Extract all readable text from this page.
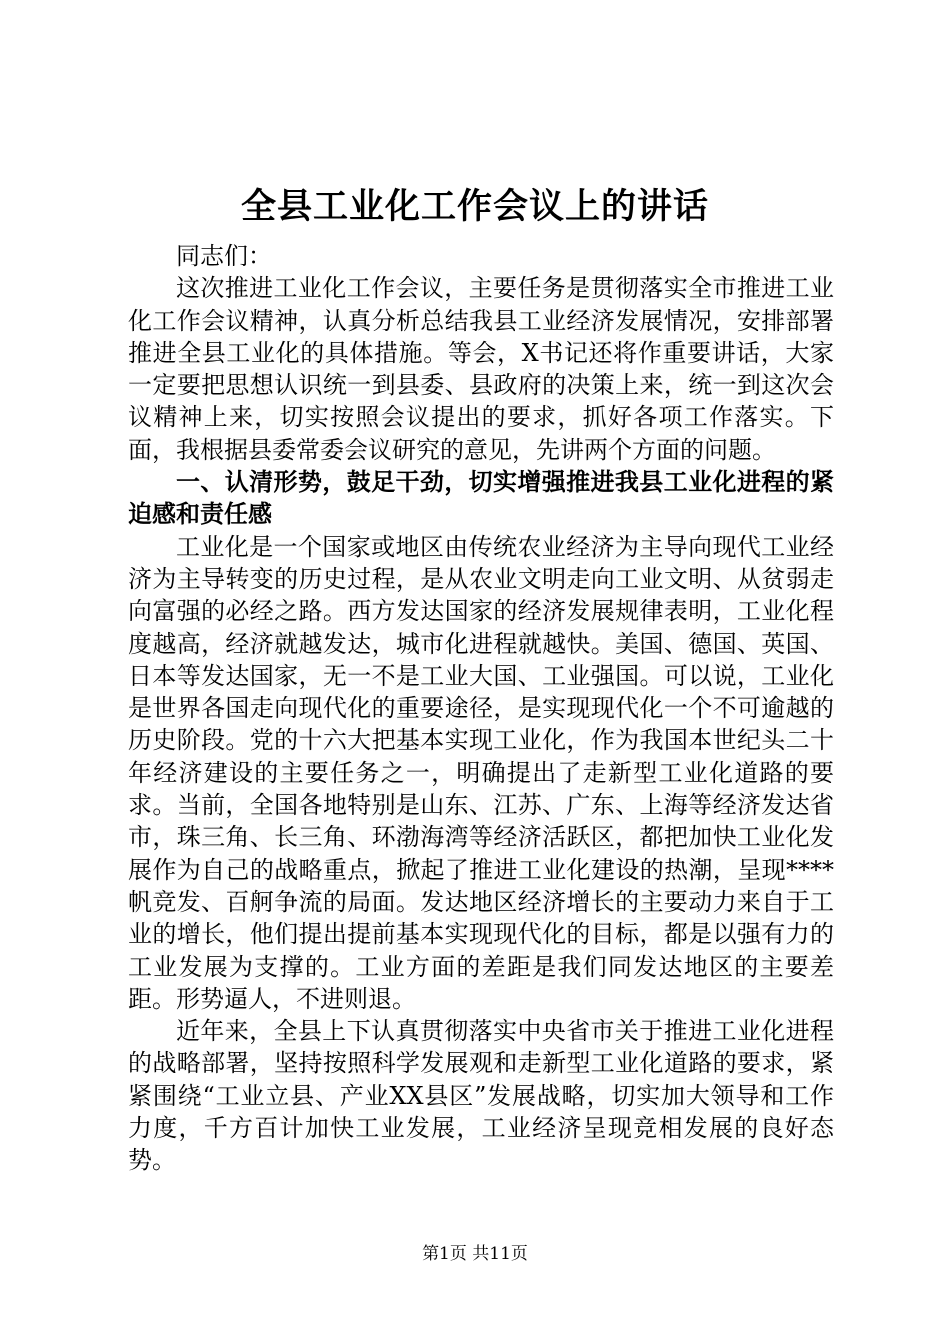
全县工业化工作会议上的讲话

同志们：

这次推进工业化工作会议，主要任务是贯彻落实全市推进工业化工作会议精神，认真分析总结我县工业经济发展情况，安排部署推进全县工业化的具体措施。等会，X书记还将作重要讲话，大家一定要把思想认识统一到县委、县政府的决策上来，统一到这次会议精神上来，切实按照会议提出的要求，抓好各项工作落实。下面，我根据县委常委会议研究的意见，先讲两个方面的问题。

一、认清形势，鼓足干劲，切实增强推进我县工业化进程的紧迫感和责任感

工业化是一个国家或地区由传统农业经济为主导向现代工业经济为主导转变的历史过程，是从农业文明走向工业文明、从贫弱走向富强的必经之路。西方发达国家的经济发展规律表明，工业化程度越高，经济就越发达，城市化进程就越快。美国、德国、英国、日本等发达国家，无一不是工业大国、工业强国。可以说，工业化是世界各国走向现代化的重要途径，是实现现代化一个不可逾越的历史阶段。党的十六大把基本实现工业化，作为我国本世纪头二十年经济建设的主要任务之一，明确提出了走新型工业化道路的要求。当前，全国各地特别是山东、江苏、广东、上海等经济发达省市，珠三角、长三角、环渤海湾等经济活跃区，都把加快工业化发展作为自己的战略重点，掀起了推进工业化建设的热潮，呈现****帆竞发、百舸争流的局面。发达地区经济增长的主要动力来自于工业的增长，他们提出提前基本实现现代化的目标，都是以强有力的工业发展为支撑的。工业方面的差距是我们同发达地区的主要差距。形势逼人，不进则退。

近年来，全县上下认真贯彻落实中央省市关于推进工业化进程的战略部署，坚持按照科学发展观和走新型工业化道路的要求，紧紧围绕“工业立县、产业XX县区”发展战略，切实加大领导和工作力度，千方百计加快工业发展，工业经济呈现竞相发展的良好态势。

第1页 共11页
